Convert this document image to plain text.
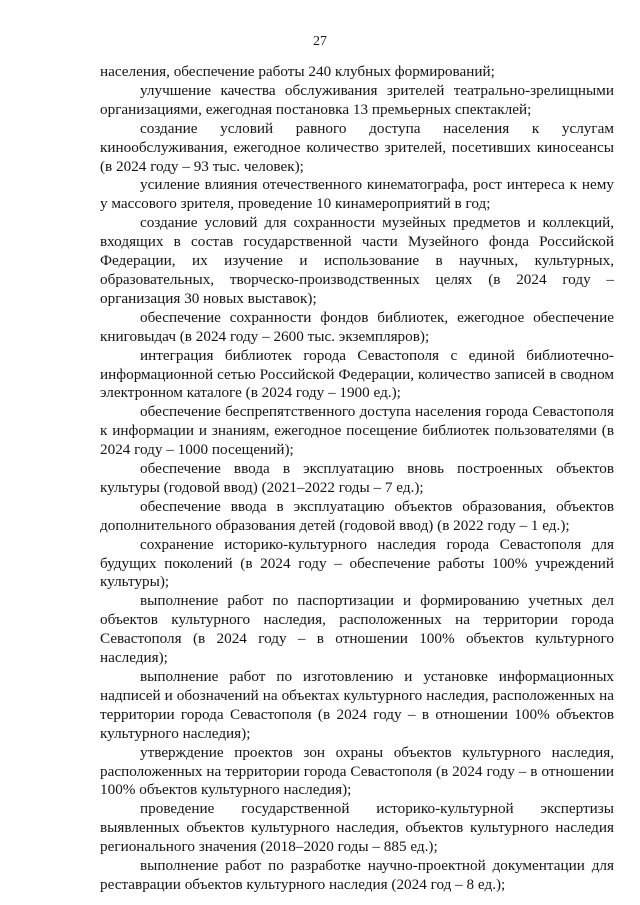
27

населения, обеспечение работы 240 клубных формирований;

улучшение качества обслуживания зрителей театрально-зрелищными организациями, ежегодная постановка 13 премьерных спектаклей;

создание условий равного доступа населения к услугам кинообслуживания, ежегодное количество зрителей, посетивших киносеансы (в 2024 году – 93 тыс. человек);

усиление влияния отечественного кинематографа, рост интереса к нему у массового зрителя, проведение 10 кинамероприятий в год;

создание условий для сохранности музейных предметов и коллекций, входящих в состав государственной части Музейного фонда Российской Федерации, их изучение и использование в научных, культурных, образовательных, творческо-производственных целях (в 2024 году – организация 30 новых выставок);

обеспечение сохранности фондов библиотек, ежегодное обеспечение книговыдач (в 2024 году – 2600 тыс. экземпляров);

интеграция библиотек города Севастополя с единой библиотечно-информационной сетью Российской Федерации, количество записей в сводном электронном каталоге (в 2024 году – 1900 ед.);

обеспечение беспрепятственного доступа населения города Севастополя к информации и знаниям, ежегодное посещение библиотек пользователями (в 2024 году – 1000 посещений);

обеспечение ввода в эксплуатацию вновь построенных объектов культуры (годовой ввод) (2021–2022 годы – 7 ед.);

обеспечение ввода в эксплуатацию объектов образования, объектов дополнительного образования детей (годовой ввод) (в 2022 году – 1 ед.);

сохранение историко-культурного наследия города Севастополя для будущих поколений (в 2024 году – обеспечение работы 100% учреждений культуры);

выполнение работ по паспортизации и формированию учетных дел объектов культурного наследия, расположенных на территории города Севастополя (в 2024 году – в отношении 100% объектов культурного наследия);

выполнение работ по изготовлению и установке информационных надписей и обозначений на объектах культурного наследия, расположенных на территории города Севастополя (в 2024 году – в отношении 100% объектов культурного наследия);

утверждение проектов зон охраны объектов культурного наследия, расположенных на территории города Севастополя (в 2024 году – в отношении 100% объектов культурного наследия);

проведение государственной историко-культурной экспертизы выявленных объектов культурного наследия, объектов культурного наследия регионального значения (2018–2020 годы – 885 ед.);

выполнение работ по разработке научно-проектной документации для реставрации объектов культурного наследия (2024 год – 8 ед.);
